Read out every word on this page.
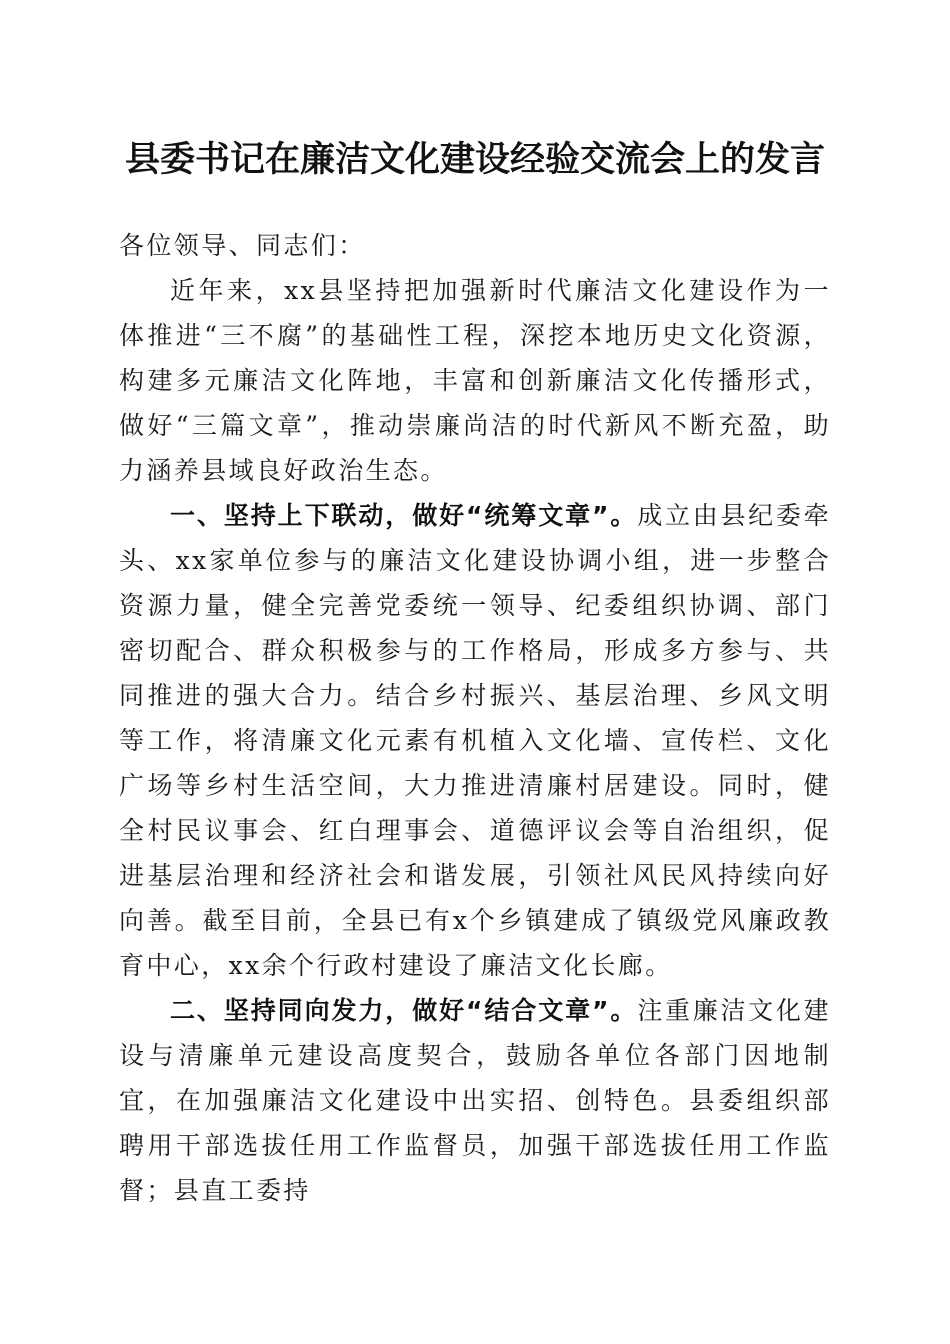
县委书记在廉洁文化建设经验交流会上的发言

各位领导、同志们：

近年来，xx县坚持把加强新时代廉洁文化建设作为一体推进“三不腐”的基础性工程，深挖本地历史文化资源，构建多元廉洁文化阵地，丰富和创新廉洁文化传播形式，做好“三篇文章”，推动崇廉尚洁的时代新风不断充盈，助力涵养县域良好政治生态。

一、坚持上下联动，做好“统筹文章”。成立由县纪委牵头、xx家单位参与的廉洁文化建设协调小组，进一步整合资源力量，健全完善党委统一领导、纪委组织协调、部门密切配合、群众积极参与的工作格局，形成多方参与、共同推进的强大合力。结合乡村振兴、基层治理、乡风文明等工作，将清廉文化元素有机植入文化墙、宣传栏、文化广场等乡村生活空间，大力推进清廉村居建设。同时，健全村民议事会、红白理事会、道德评议会等自治组织，促进基层治理和经济社会和谐发展，引领社风民风持续向好向善。截至目前，全县已有x个乡镇建成了镇级党风廉政教育中心，xx余个行政村建设了廉洁文化长廊。

二、坚持同向发力，做好“结合文章”。注重廉洁文化建设与清廉单元建设高度契合，鼓励各单位各部门因地制宜，在加强廉洁文化建设中出实招、创特色。县委组织部聘用干部选拔任用工作监督员，加强干部选拔任用工作监督；县直工委持
